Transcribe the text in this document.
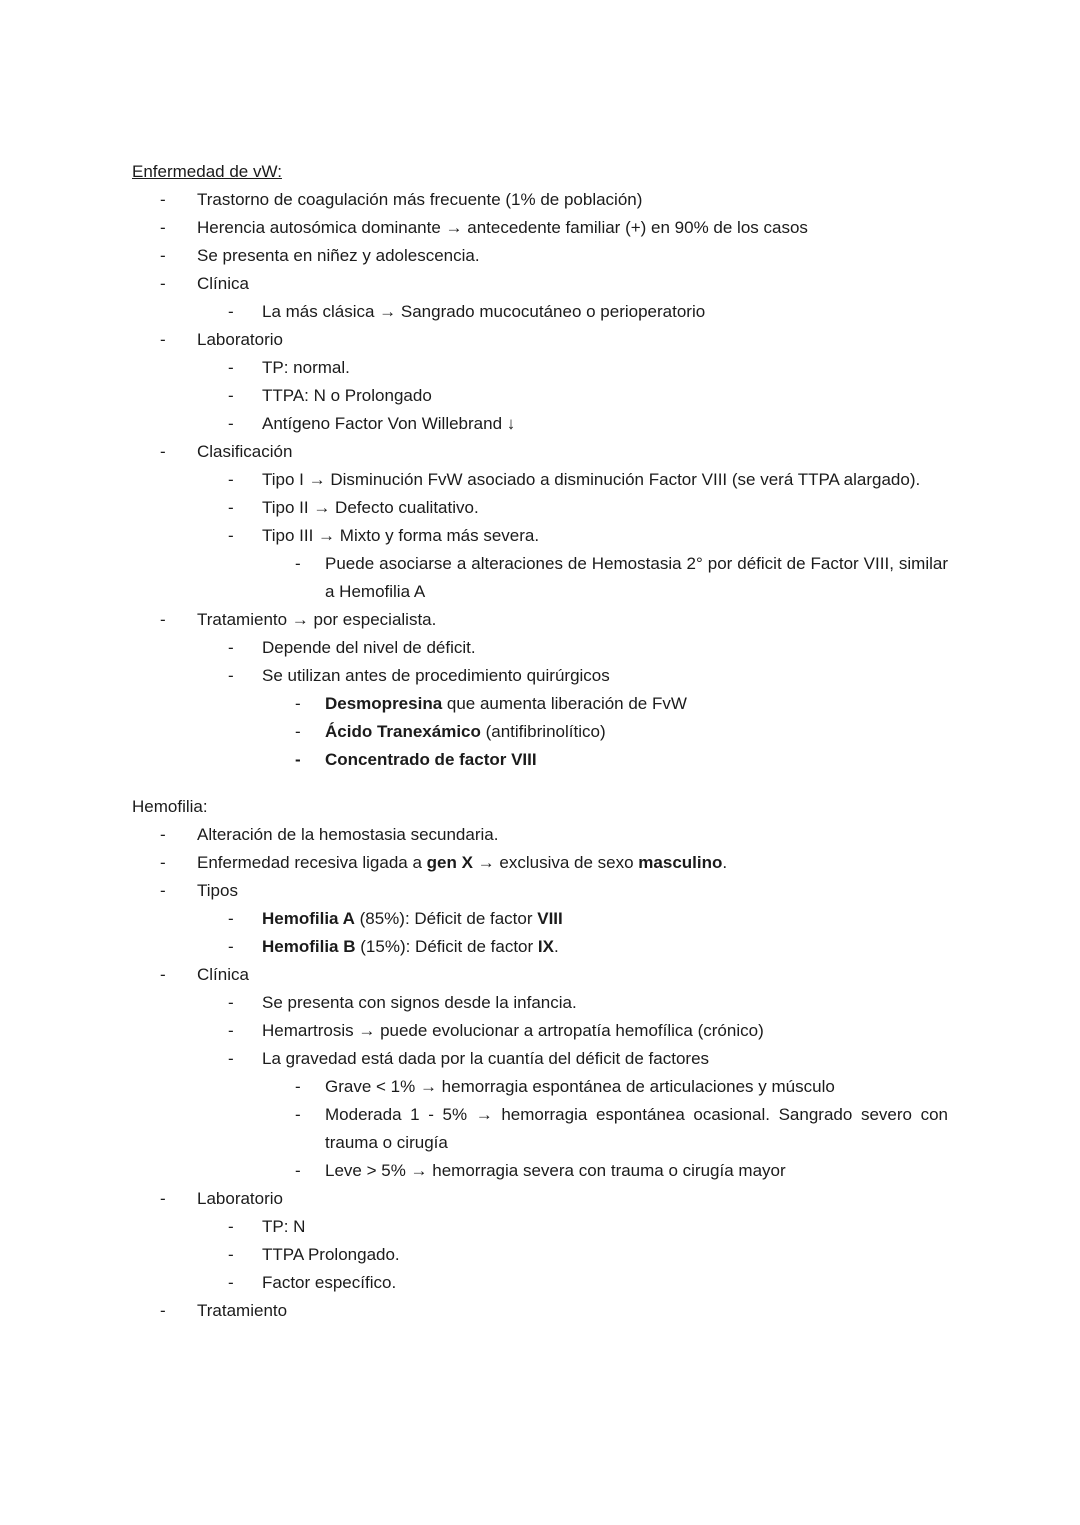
Enfermedad de vW:
-	Trastorno de coagulación más frecuente (1% de población)
-	Herencia autosómica dominante → antecedente familiar (+) en 90% de los casos
-	Se presenta en niñez y adolescencia.
-	Clínica
-	La más clásica → Sangrado mucocutáneo o perioperatorio
-	Laboratorio
-	TP: normal.
-	TTPA: N o Prolongado
-	Antígeno Factor Von Willebrand ↓
-	Clasificación
-	Tipo I → Disminución FvW asociado a disminución Factor VIII (se verá TTPA alargado).
-	Tipo II → Defecto cualitativo.
-	Tipo III → Mixto y forma más severa.
-	Puede asociarse a alteraciones de Hemostasia 2° por déficit de Factor VIII, similar a Hemofilia A
-	Tratamiento → por especialista.
-	Depende del nivel de déficit.
-	Se utilizan antes de procedimiento quirúrgicos
-	Desmopresina que aumenta liberación de FvW
-	Ácido Tranexámico (antifibrinolítico)
-	Concentrado de factor VIII
Hemofilia:
-	Alteración de la hemostasia secundaria.
-	Enfermedad recesiva ligada a gen X → exclusiva de sexo masculino.
-	Tipos
-	Hemofilia A (85%): Déficit de factor VIII
-	Hemofilia B (15%): Déficit de factor IX.
-	Clínica
-	Se presenta con signos desde la infancia.
-	Hemartrosis → puede evolucionar a artropatía hemofílica (crónico)
-	La gravedad está dada por la cuantía del déficit de factores
-	Grave < 1% → hemorragia espontánea de articulaciones y músculo
-	Moderada 1 - 5% → hemorragia espontánea ocasional. Sangrado severo con trauma o cirugía
-	Leve > 5% → hemorragia severa con trauma o cirugía mayor
-	Laboratorio
-	TP: N
-	TTPA Prolongado.
-	Factor específico.
-	Tratamiento
